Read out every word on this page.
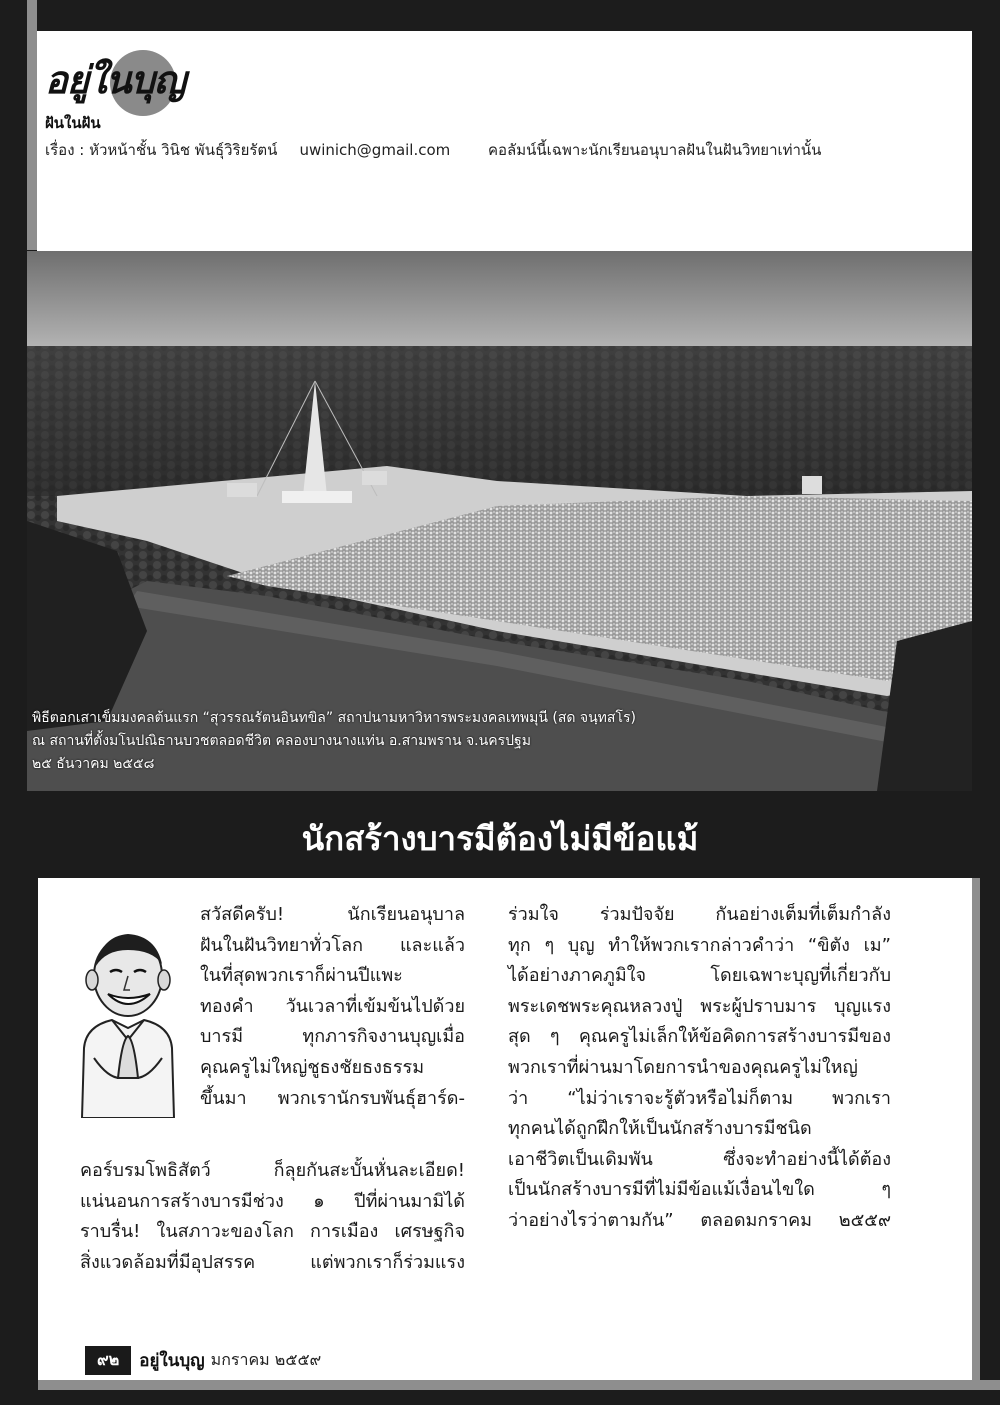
อยู่ในบุญ
ฝันในฝัน
เรื่อง : หัวหน้าชั้น วินิช พันธุ์วิริยรัตน์ uwinich@gmail.com	คอลัมน์นี้เฉพาะนักเรียนอนุบาลฝันในฝันวิทยาเท่านั้น
พิธีตอกเสาเข็มมงคลต้นแรก “สุวรรณรัตนอินทขิล” สถาปนามหาวิหารพระมงคลเทพมุนี (สด จนฺทสโร)
ณ สถานที่ตั้งมโนปณิธานบวชตลอดชีวิต คลองบางนางแท่น อ.สามพราน จ.นครปฐม
๒๕ ธันวาคม ๒๕๕๘
นักสร้างบารมีต้องไม่มีข้อแม้
สวัสดีครับ! นักเรียนอนุบาล
ฝันในฝันวิทยาทั่วโลก และแล้ว
ในที่สุดพวกเราก็ผ่านปีแพะ
ทองคำ วันเวลาที่เข้มข้นไปด้วย
บารมี ทุกภารกิจงานบุญเมื่อ
คุณครูไม่ใหญ่ชูธงชัยธงธรรม
ขึ้นมา พวกเรานักรบพันธุ์ฮาร์ด-
คอร์บรมโพธิสัตว์ ก็ลุยกันสะบั้นหั่นละเอียด!
แน่นอนการสร้างบารมีช่วง ๑ ปีที่ผ่านมามิได้
ราบรื่น! ในสภาวะของโลก การเมือง เศรษฐกิจ
สิ่งแวดล้อมที่มีอุปสรรค แต่พวกเราก็ร่วมแรง
ร่วมใจ ร่วมปัจจัย กันอย่างเต็มที่เต็มกำลัง
ทุก ๆ บุญ ทำให้พวกเรากล่าวคำว่า “ขิตัง เม”
ได้อย่างภาคภูมิใจ โดยเฉพาะบุญที่เกี่ยวกับ
พระเดชพระคุณหลวงปู่ พระผู้ปราบมาร บุญแรง
สุด ๆ คุณครูไม่เล็กให้ข้อคิดการสร้างบารมีของ
พวกเราที่ผ่านมาโดยการนำของคุณครูไม่ใหญ่
ว่า “ไม่ว่าเราจะรู้ตัวหรือไม่ก็ตาม พวกเรา
ทุกคนได้ถูกฝึกให้เป็นนักสร้างบารมีชนิด
เอาชีวิตเป็นเดิมพัน ซึ่งจะทำอย่างนี้ได้ต้อง
เป็นนักสร้างบารมีที่ไม่มีข้อแม้เงื่อนไขใด ๆ
ว่าอย่างไรว่าตามกัน” ตลอดมกราคม ๒๕๕๙
๙๒ อยู่ในบุญ มกราคม ๒๕๕๙
